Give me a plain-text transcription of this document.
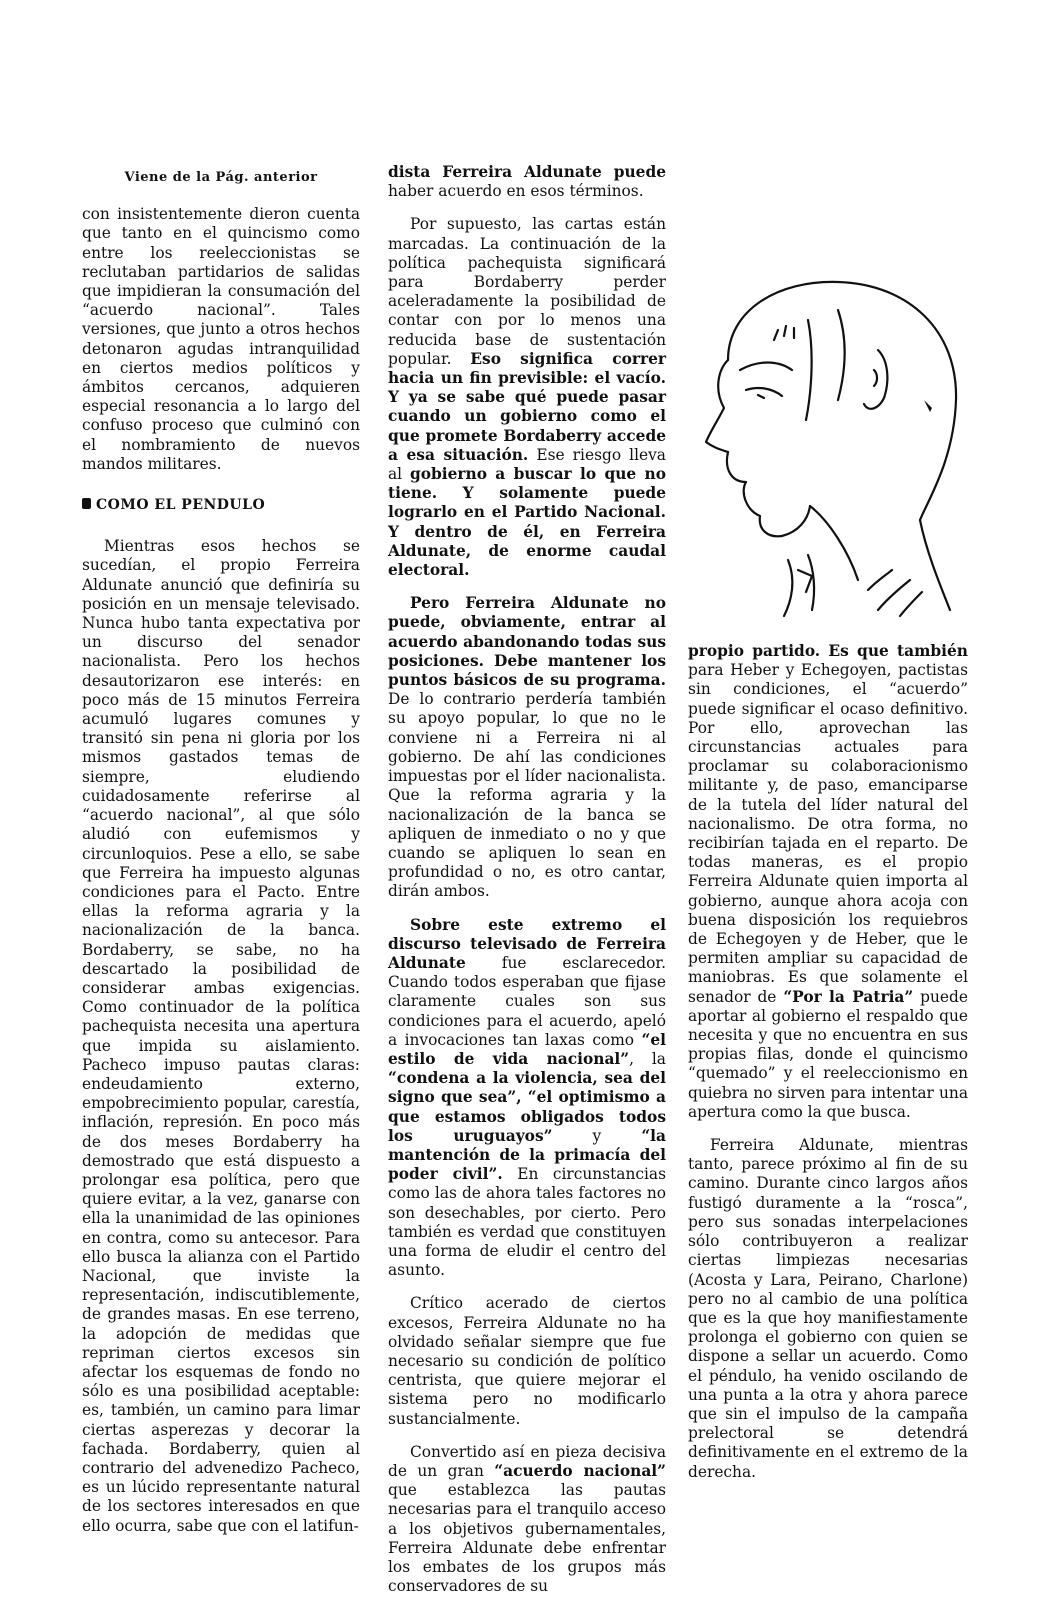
Viene de la Pág. anterior

con insistentemente dieron cuenta que tanto en el quincismo como entre los reeleccionistas se reclutaban partidarios de salidas que impidieran la consumación del “acuerdo nacional”. Tales versiones, que junto a otros hechos detonaron agudas intranquilidad en ciertos medios políticos y ámbitos cercanos, adquieren especial resonancia a lo largo del confuso proceso que culminó con el nombramiento de nuevos mandos militares.

COMO EL PENDULO

Mientras esos hechos se sucedían, el propio Ferreira Aldunate anunció que definiría su posición en un mensaje televisado. Nunca hubo tanta expectativa por un discurso del senador nacionalista. Pero los hechos desautorizaron ese interés: en poco más de 15 minutos Ferreira acumuló lugares comunes y transitó sin pena ni gloria por los mismos gastados temas de siempre, eludiendo cuidadosamente referirse al “acuerdo nacional”, al que sólo aludió con eufemismos y circunloquios. Pese a ello, se sabe que Ferreira ha impuesto algunas condiciones para el Pacto. Entre ellas la reforma agraria y la nacionalización de la banca. Bordaberry, se sabe, no ha descartado la posibilidad de considerar ambas exigencias. Como continuador de la política pachequista necesita una apertura que impida su aislamiento. Pacheco impuso pautas claras: endeudamiento externo, empobrecimiento popular, carestía, inflación, represión. En poco más de dos meses Bordaberry ha demostrado que está dispuesto a prolongar esa política, pero que quiere evitar, a la vez, ganarse con ella la unanimidad de las opiniones en contra, como su antecesor. Para ello busca la alianza con el Partido Nacional, que inviste la representación, indiscutiblemente, de grandes masas. En ese terreno, la adopción de medidas que repriman ciertos excesos sin afectar los esquemas de fondo no sólo es una posibilidad aceptable: es, también, un camino para limar ciertas asperezas y decorar la fachada. Bordaberry, quien al contrario del advenedizo Pacheco, es un lúcido representante natural de los sectores interesados en que ello ocurra, sabe que con el latifun-

dista Ferreira Aldunate puede haber acuerdo en esos términos.

Por supuesto, las cartas están marcadas. La continuación de la política pachequista significará para Bordaberry perder aceleradamente la posibilidad de contar con por lo menos una reducida base de sustentación popular. Eso significa correr hacia un fin previsible: el vacío. Y ya se sabe qué puede pasar cuando un gobierno como el que promete Bordaberry accede a esa situación. Ese riesgo lleva al gobierno a buscar lo que no tiene. Y solamente puede lograrlo en el Partido Nacional. Y dentro de él, en Ferreira Aldunate, de enorme caudal electoral.

Pero Ferreira Aldunate no puede, obviamente, entrar al acuerdo abandonando todas sus posiciones. Debe mantener los puntos básicos de su programa. De lo contrario perdería también su apoyo popular, lo que no le conviene ni a Ferreira ni al gobierno. De ahí las condiciones impuestas por el líder nacionalista. Que la reforma agraria y la nacionalización de la banca se apliquen de inmediato o no y que cuando se apliquen lo sean en profundidad o no, es otro cantar, dirán ambos.

Sobre este extremo el discurso televisado de Ferreira Aldunate fue esclarecedor. Cuando todos esperaban que fijase claramente cuales son sus condiciones para el acuerdo, apeló a invocaciones tan laxas como “el estilo de vida nacional”, la “condena a la violencia, sea del signo que sea”, “el optimismo a que estamos obligados todos los uruguayos” y “la mantención de la primacía del poder civil”. En circunstancias como las de ahora tales factores no son desechables, por cierto. Pero también es verdad que constituyen una forma de eludir el centro del asunto.

Crítico acerado de ciertos excesos, Ferreira Aldunate no ha olvidado señalar siempre que fue necesario su condición de político centrista, que quiere mejorar el sistema pero no modificarlo sustancialmente.

Convertido así en pieza decisiva de un gran “acuerdo nacional” que establezca las pautas necesarias para el tranquilo acceso a los objetivos gubernamentales, Ferreira Aldunate debe enfrentar los embates de los grupos más conservadores de su

propio partido. Es que también para Heber y Echegoyen, pactistas sin condiciones, el “acuerdo” puede significar el ocaso definitivo. Por ello, aprovechan las circunstancias actuales para proclamar su colaboracionismo militante y, de paso, emanciparse de la tutela del líder natural del nacionalismo. De otra forma, no recibirían tajada en el reparto. De todas maneras, es el propio Ferreira Aldunate quien importa al gobierno, aunque ahora acoja con buena disposición los requiebros de Echegoyen y de Heber, que le permiten ampliar su capacidad de maniobras. Es que solamente el senador de “Por la Patria” puede aportar al gobierno el respaldo que necesita y que no encuentra en sus propias filas, donde el quincismo “quemado” y el reeleccionismo en quiebra no sirven para intentar una apertura como la que busca.

Ferreira Aldunate, mientras tanto, parece próximo al fin de su camino. Durante cinco largos años fustigó duramente a la “rosca”, pero sus sonadas interpelaciones sólo contribuyeron a realizar ciertas limpiezas necesarias (Acosta y Lara, Peirano, Charlone) pero no al cambio de una política que es la que hoy manifiestamente prolonga el gobierno con quien se dispone a sellar un acuerdo. Como el péndulo, ha venido oscilando de una punta a la otra y ahora parece que sin el impulso de la campaña prelectoral se detendrá definitivamente en el extremo de la derecha.
